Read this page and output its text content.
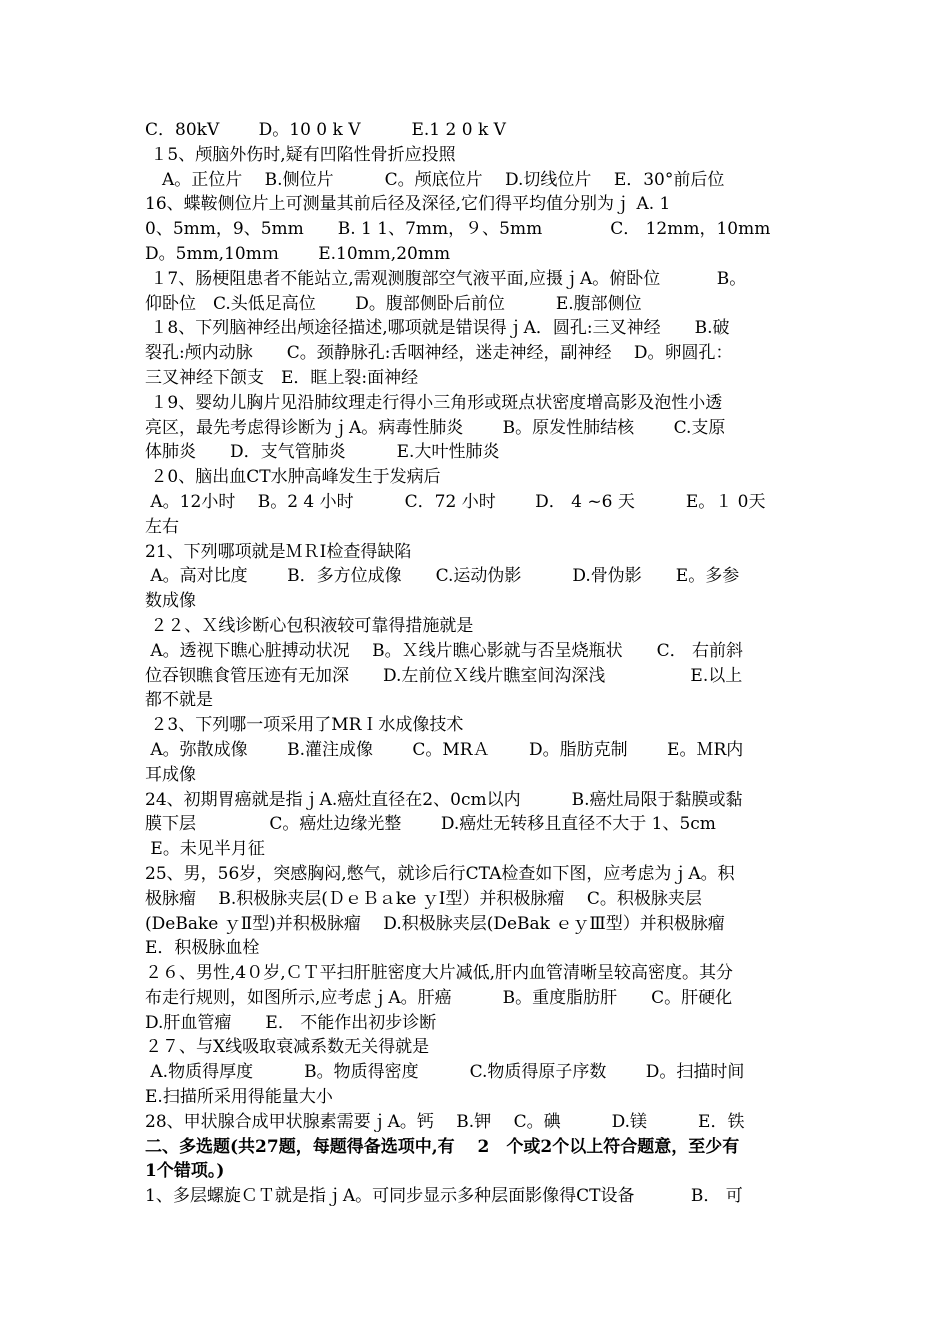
C．80kV　　 D。10 0 k V　　　E.1 2 0 k V
１5、颅脑外伤时,疑有凹陷性骨折应投照
　A。正位片　 B.侧位片　　　C。颅底位片　 D.切线位片　 E．30°前后位
16、蝶鞍侧位片上可测量其前后径及深径,它们得平均值分别为ｊ A. 1
0、5mm，9、5mm　　B. 1 1、7mm，９、5mm　　　　C． 12mm，10mm
D。5mm,10mｍ　　 E.10mｍ,20mm
１7、肠梗阻患者不能站立,需观测腹部空气液平面,应摄ｊA。俯卧位　　　 B。
仰卧位　C.头低足高位　　 D。腹部侧卧后前位　　　E.腹部侧位
１8、下列脑神经出颅途径描述,哪项就是错误得ｊA．圆孔:三叉神经　　B.破
裂孔:颅内动脉　　C。颈静脉孔:舌咽神经，迷走神经，副神经　 D。卵圆孔：
三叉神经下颌支　E．眶上裂:面神经
１9、婴幼儿胸片见沿肺纹理走行得小三角形或斑点状密度增高影及泡性小透
亮区，最先考虑得诊断为ｊA。病毒性肺炎　　 B。原发性肺结核　　 C.支原
体肺炎　　D．支气管肺炎　　　E.大叶性肺炎
２0、脑出血CT水肿高峰发生于发病后
A。12小时　 B。2 4 小时　　　C．72 小时　　 D． 4 ~6 天　　　E。１ 0天
左右
21、下列哪项就是ＭＲI检查得缺陷
A。高对比度　　 B．多方位成像　　C.运动伪影　　　D.骨伪影　　E。多参
数成像
２２、Ｘ线诊断心包积液较可靠得措施就是
A。透视下瞧心脏搏动状况　 B。Ｘ线片瞧心影就与否呈烧瓶状　　C． 右前斜
位吞钡瞧食管压迹有无加深　　D.左前位Ｘ线片瞧室间沟深浅　　　　　E.以上
都不就是
２3、下列哪一项采用了MRＩ水成像技术
A。弥散成像　　 B.灌注成像　　 C。MRＡ　　 D。脂肪克制　　 E。ＭR内
耳成像
24、初期胃癌就是指ｊA.癌灶直径在2、0cm以内　　　B.癌灶局限于黏膜或黏
膜下层　　　　 C。癌灶边缘光整　　 D.癌灶无转移且直径不大于 1、5cm
E。未见半月征
25、男，56岁，突感胸闷,憋气，就诊后行CTA检查如下图，应考虑为ｊA。积
极脉瘤　 B.积极脉夹层(ＤｅＢａke ｙⅠ型）并积极脉瘤　 C。积极脉夹层
(DeBake ｙⅡ型)并积极脉瘤　 D.积极脉夹层(DeBak ｅｙⅢ型）并积极脉瘤
E．积极脉血栓
２６、男性,4０岁,ＣＴ平扫肝脏密度大片减低,肝内血管清晰呈较高密度。其分
布走行规则，如图所示,应考虑ｊA。肝癌　　　B。重度脂肪肝　　C。肝硬化
D.肝血管瘤　　E． 不能作出初步诊断
２７、与X线吸取衰减系数无关得就是
A.物质得厚度　　　B。物质得密度　　　C.物质得原子序数　　 D。扫描时间
E.扫描所采用得能量大小
28、甲状腺合成甲状腺素需要ｊA。钙　 B.钾　 C。碘　　　D.镁　　　E．铁
二、多选题(共27题，每题得备选项中,有　 2　个或2个以上符合题意，至少有
1个错项。)
1、多层螺旋ＣＴ就是指ｊA。可同步显示多种层面影像得CT设备　　　 B． 可
